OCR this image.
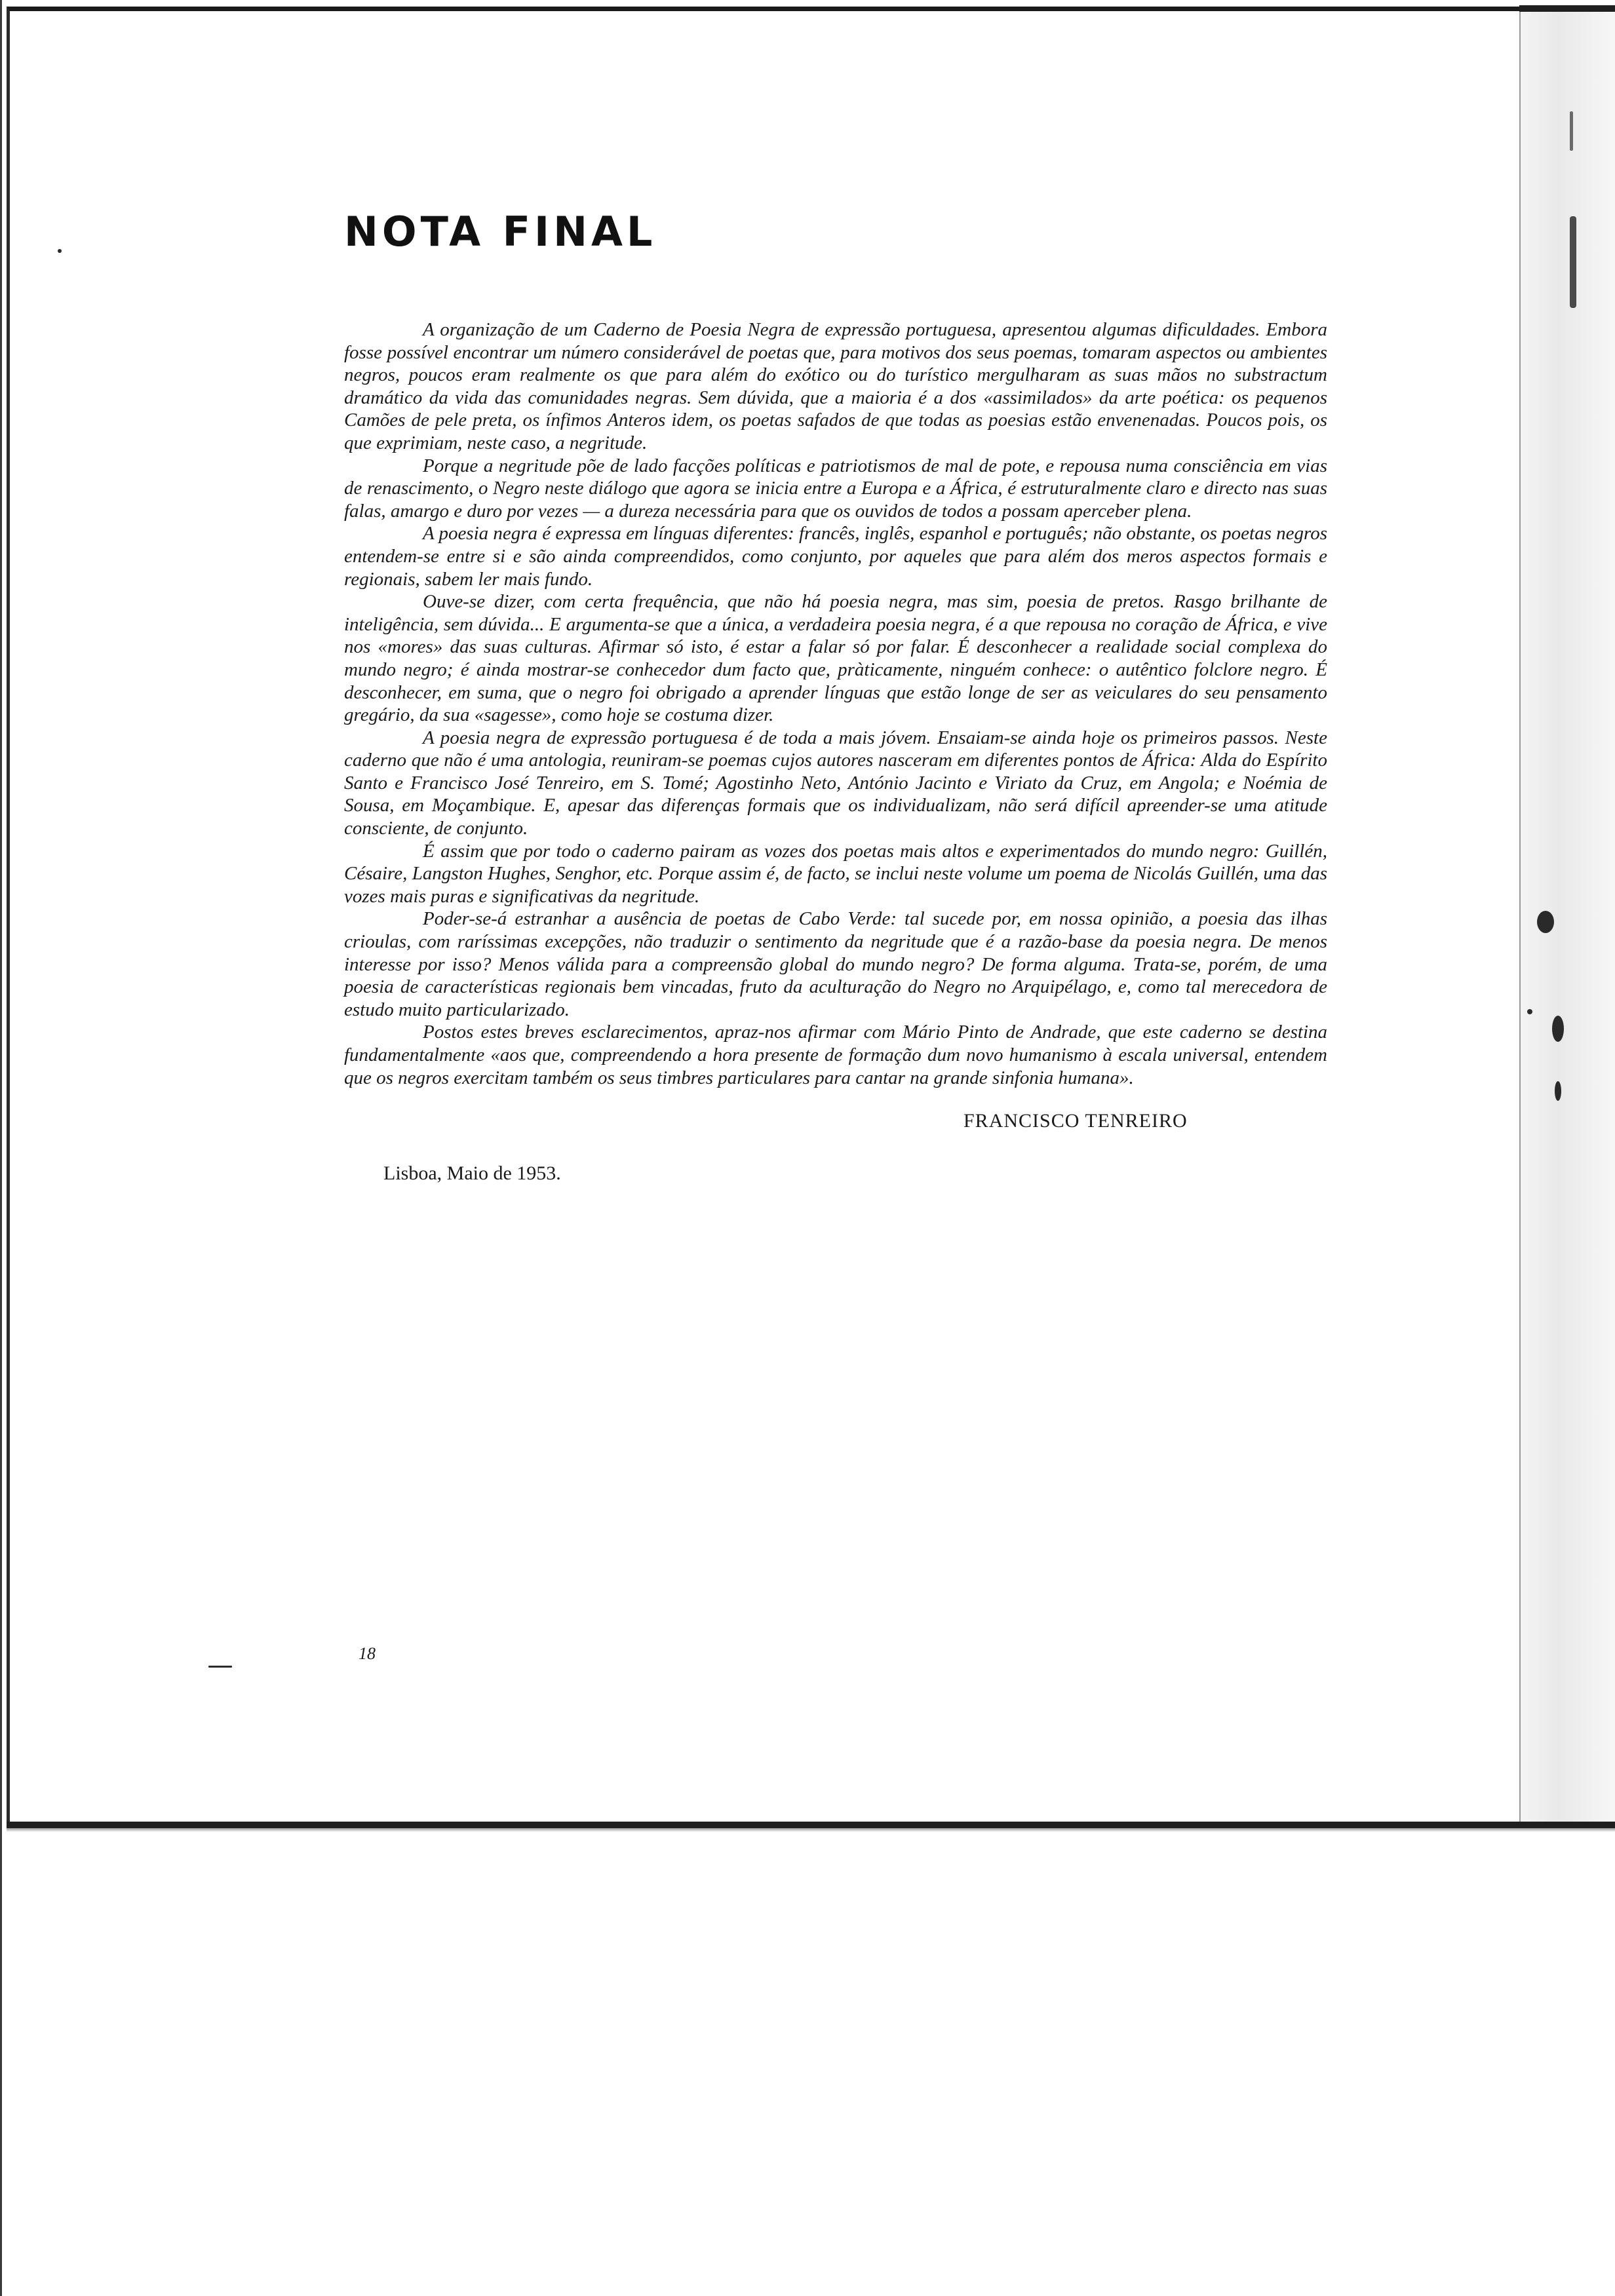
NOTA FINAL

A organização de um Caderno de Poesia Negra de expressão portuguesa, apresentou algumas dificuldades. Embora fosse possível encontrar um número considerável de poetas que, para motivos dos seus poemas, tomaram aspectos ou ambientes negros, poucos eram realmente os que para além do exótico ou do turístico mergulharam as suas mãos no substractum dramático da vida das comunidades negras. Sem dúvida, que a maioria é a dos «assimilados» da arte poética: os pequenos Camões de pele preta, os ínfimos Anteros idem, os poetas safados de que todas as poesias estão envenenadas. Poucos pois, os que exprimiam, neste caso, a negritude.

Porque a negritude põe de lado facções políticas e patriotismos de mal de pote, e repousa numa consciência em vias de renascimento, o Negro neste diálogo que agora se inicia entre a Europa e a África, é estruturalmente claro e directo nas suas falas, amargo e duro por vezes — a dureza necessária para que os ouvidos de todos a possam aperceber plena.

A poesia negra é expressa em línguas diferentes: francês, inglês, espanhol e português; não obstante, os poetas negros entendem-se entre si e são ainda compreendidos, como conjunto, por aqueles que para além dos meros aspectos formais e regionais, sabem ler mais fundo.

Ouve-se dizer, com certa frequência, que não há poesia negra, mas sim, poesia de pretos. Rasgo brilhante de inteligência, sem dúvida... E argumenta-se que a única, a verdadeira poesia negra, é a que repousa no coração de África, e vive nos «mores» das suas culturas. Afirmar só isto, é estar a falar só por falar. É desconhecer a realidade social complexa do mundo negro; é ainda mostrar-se conhecedor dum facto que, pràticamente, ninguém conhece: o autêntico folclore negro. É desconhecer, em suma, que o negro foi obrigado a aprender línguas que estão longe de ser as veiculares do seu pensamento gregário, da sua «sagesse», como hoje se costuma dizer.

A poesia negra de expressão portuguesa é de toda a mais jóvem. Ensaiam-se ainda hoje os primeiros passos. Neste caderno que não é uma antologia, reuniram-se poemas cujos autores nasceram em diferentes pontos de África: Alda do Espírito Santo e Francisco José Tenreiro, em S. Tomé; Agostinho Neto, António Jacinto e Viriato da Cruz, em Angola; e Noémia de Sousa, em Moçambique. E, apesar das diferenças formais que os individualizam, não será difícil apreender-se uma atitude consciente, de conjunto.

É assim que por todo o caderno pairam as vozes dos poetas mais altos e experimentados do mundo negro: Guillén, Césaire, Langston Hughes, Senghor, etc. Porque assim é, de facto, se inclui neste volume um poema de Nicolás Guillén, uma das vozes mais puras e significativas da negritude.

Poder-se-á estranhar a ausência de poetas de Cabo Verde: tal sucede por, em nossa opinião, a poesia das ilhas crioulas, com raríssimas excepções, não traduzir o sentimento da negritude que é a razão-base da poesia negra. De menos interesse por isso? Menos válida para a compreensão global do mundo negro? De forma alguma. Trata-se, porém, de uma poesia de características regionais bem vincadas, fruto da aculturação do Negro no Arquipélago, e, como tal merecedora de estudo muito particularizado.

Postos estes breves esclarecimentos, apraz-nos afirmar com Mário Pinto de Andrade, que este caderno se destina fundamentalmente «aos que, compreendendo a hora presente de formação dum novo humanismo à escala universal, entendem que os negros exercitam também os seus timbres particulares para cantar na grande sinfonia humana».

FRANCISCO TENREIRO
Lisboa, Maio de 1953.
18
